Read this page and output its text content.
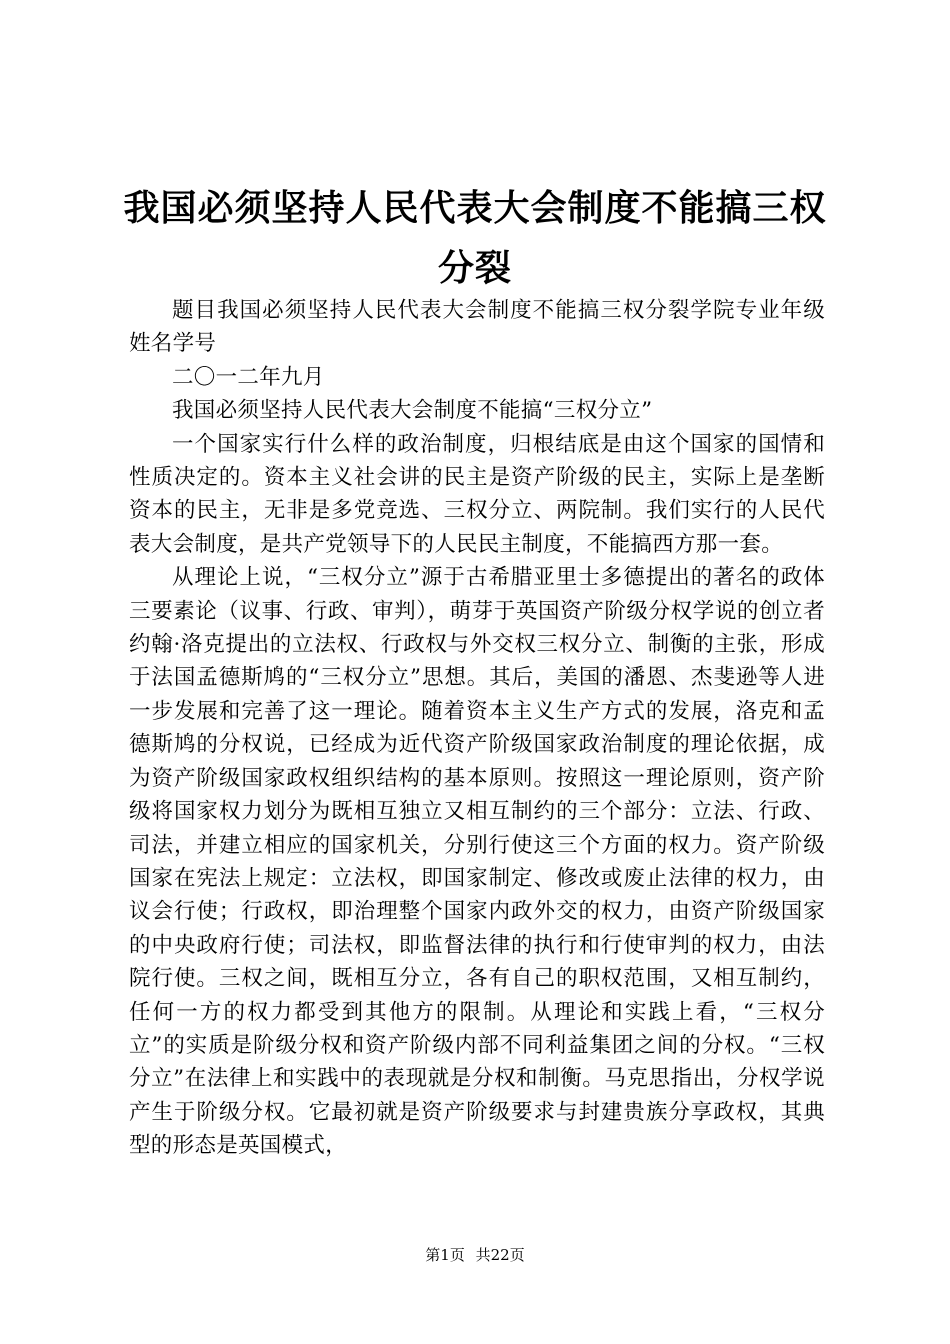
我国必须坚持人民代表大会制度不能搞三权分裂

题目我国必须坚持人民代表大会制度不能搞三权分裂学院专业年级姓名学号

二〇一二年九月

我国必须坚持人民代表大会制度不能搞“三权分立”

一个国家实行什么样的政治制度，归根结底是由这个国家的国情和性质决定的。资本主义社会讲的民主是资产阶级的民主，实际上是垄断资本的民主，无非是多党竞选、三权分立、两院制。我们实行的人民代表大会制度，是共产党领导下的人民民主制度，不能搞西方那一套。

从理论上说，“三权分立”源于古希腊亚里士多德提出的著名的政体三要素论（议事、行政、审判），萌芽于英国资产阶级分权学说的创立者约翰·洛克提出的立法权、行政权与外交权三权分立、制衡的主张，形成于法国孟德斯鸠的“三权分立”思想。其后，美国的潘恩、杰斐逊等人进一步发展和完善了这一理论。随着资本主义生产方式的发展，洛克和孟德斯鸠的分权说，已经成为近代资产阶级国家政治制度的理论依据，成为资产阶级国家政权组织结构的基本原则。按照这一理论原则，资产阶级将国家权力划分为既相互独立又相互制约的三个部分：立法、行政、司法，并建立相应的国家机关，分别行使这三个方面的权力。资产阶级国家在宪法上规定：立法权，即国家制定、修改或废止法律的权力，由议会行使；行政权，即治理整个国家内政外交的权力，由资产阶级国家的中央政府行使；司法权，即监督法律的执行和行使审判的权力，由法院行使。三权之间，既相互分立，各有自己的职权范围，又相互制约，任何一方的权力都受到其他方的限制。从理论和实践上看，“三权分立”的实质是阶级分权和资产阶级内部不同利益集团之间的分权。“三权分立”在法律上和实践中的表现就是分权和制衡。马克思指出，分权学说产生于阶级分权。它最初就是资产阶级要求与封建贵族分享政权，其典型的形态是英国模式，

第1页 共22页
